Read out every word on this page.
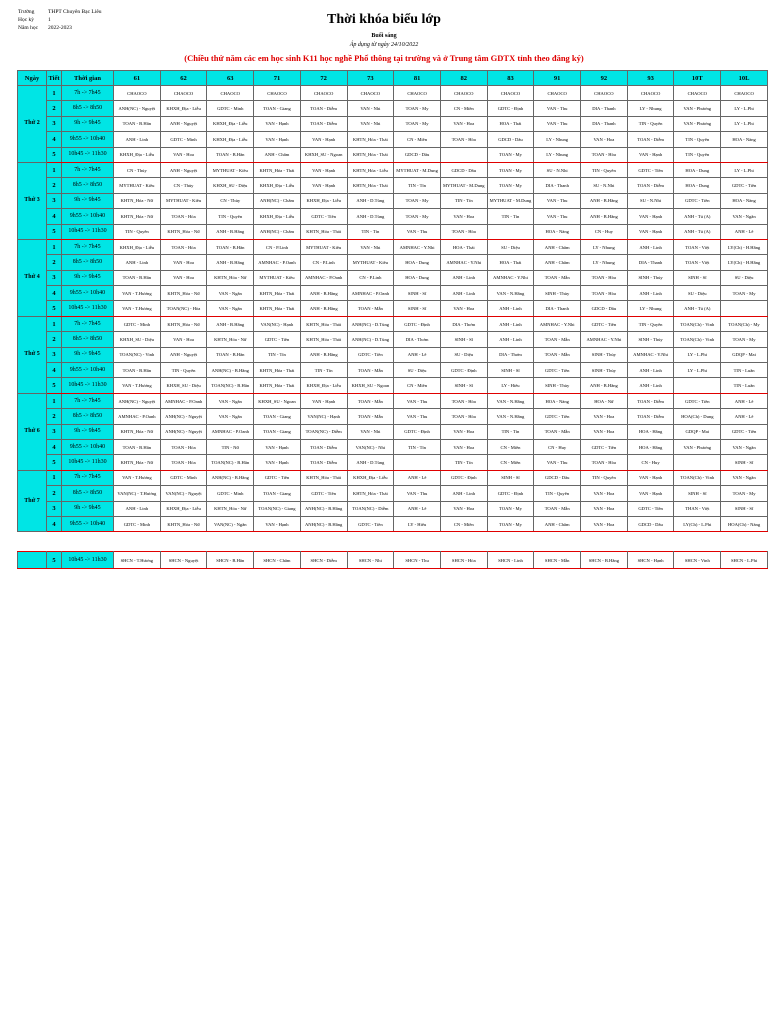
Trường	THPT Chuyên Bạc Liêu
Học kỳ	1
Năm học	2022-2023
Thời khóa biểu lớp
Buổi sáng
Áp dụng từ ngày 24/10/2022
(Chiều thứ năm các em học sinh K11 học nghề Phổ thông tại trường và ở Trung tâm GDTX tỉnh theo đăng ký)
Ngày	Tiết	Thời gian	61	62	63	71	72	73	81	82	83	91	92	93	10T	10L
Thứ 2	1	7h -> 7h45	CHAOCO	CHAOCO	CHAOCO	CHAOCO	CHAOCO	CHAOCO	CHAOCO	CHAOCO	CHAOCO	CHAOCO	CHAOCO	CHAOCO	CHAOCO	CHAOCO
	2	8h5 -> 8h50	ANH(NC) - Nguyệt	KHXH_Địa - Liễu	GDTC - Minh	TOAN - Giang	TOAN - Diễm	VAN - Nhi	TOAN - My	CN - Miền	GDTC - Định	VAN - Thu	DIA - Thanh	LY - Nhung	VAN - Phương	LY - L.Phi
	3	9h -> 9h45	TOAN - B.Hân	ANH - Nguyệt	KHXH_Địa - Liễu	VAN - Hạnh	TOAN - Diễm	VAN - Nhi	TOAN - My	VAN - Hoa	HOA - Thái	VAN - Thu	DIA - Thanh	TIN - Quyên	VAN - Phương	LY - L.Phi
	4	9h55 -> 10h40	ANH - Linh	GDTC - Minh	KHXH_Địa - Liễu	VAN - Hạnh	VAN - Hạnh	KHTN_Hóa - Thái	CN - Miền	TOAN - Hòa	GDCD - Dâu	LY - Nhung	VAN - Hoa	TOAN - Diễm	TIN - Quyên	HOA - Năng
	5	10h45 -> 11h30	KHXH_Địa - Liễu	VAN - Hoa	TOAN - B.Hân	ANH - Châm	KHXH_SU - Ngoan	KHTN_Hóa - Thái	GDCD - Dâu		TOAN - My	LY - Nhung	TOAN - Hòa	VAN - Hạnh	TIN - Quyên	
Thứ 3	1	7h -> 7h45	CN - Thủy	ANH - Nguyệt	MYTHUAT - Kiều	KHTN_Hóa - Thái	VAN - Hạnh	KHTN_Hóa - Liễu	MYTHUAT - M.Dung	GDCD - Dâu	TOAN - My	SU - N.Nhi	TIN - Quyên	GDTC - Tiền	HOA - Dung	LY - L.Phi
	2	8h5 -> 8h50	MYTHUAT - Kiều	CN - Thủy	KHXH_SU - Diệu	KHXH_Địa - Liễu	VAN - Hạnh	KHTN_Hóa - Thái	TIN - Tín	MYTHUAT - M.Dung	TOAN - My	DIA - Thanh	SU - N.Nhi	TOAN - Diễm	HOA - Dung	GDTC - Tiền
	3	9h -> 9h45	KHTN_Hóa - Nữ	MYTHUAT - Kiều	CN - Thủy	ANH(NC) - Châm	KHXH_Địa - Liễu	ANH - D.Tùng	TOAN - My	TIN - Tín	MYTHUAT - M.Dung	VAN - Thu	ANH - B.Hằng	SU - N.Nhi	GDTC - Tiền	HOA - Năng
	4	9h55 -> 10h40	KHTN_Hóa - Nữ	TOAN - Hòa	TIN - Quyên	KHXH_Địa - Liễu	GDTC - Tiền	ANH - D.Tùng	TOAN - My	VAN - Hoa	TIN - Tín	VAN - Thu	ANH - B.Hằng	VAN - Hạnh	ANH - Tú (A)	VAN - Ngân
	5	10h45 -> 11h30	TIN - Quyên	KHTN_Hóa - Nữ	ANH - B.Hằng	ANH(NC) - Châm	KHTN_Hóa - Thái	TIN - Tín	VAN - Thu	TOAN - Hòa		HOA - Năng	CN - Huy	VAN - Hạnh	ANH - Tú (A)	ANH - Lê
Thứ 4	1	7h -> 7h45	KHXH_Địa - Liễu	TOAN - Hòa	TOAN - B.Hân	CN - P.Linh	MYTHUAT - Kiều	VAN - Nhi	AMNHAC - Y.Nhi	HOA - Thái	SU - Diệu	ANH - Châm	LY - Nhung	ANH - Linh	TOAN - Việt	LY(Ch) - H.Hằng
	2	8h5 -> 8h50	ANH - Linh	VAN - Hoa	ANH - B.Hằng	AMNHAC - P.Oanh	CN - P.Linh	MYTHUAT - Kiều	HOA - Dung	AMNHAC - Y.Nhi	HOA - Thái	ANH - Châm	LY - Nhung	DIA - Thanh	TOAN - Việt	LY(Ch) - H.Hằng
	3	9h -> 9h45	TOAN - B.Hân	VAN - Hoa	KHTN_Hóa - Nữ	MYTHUAT - Kiều	AMNHAC - P.Oanh	CN - P.Linh	HOA - Dung	ANH - Linh	AMNHAC - Y.Nhi	TOAN - Mẫn	TOAN - Hòa	SINH - Thủy	SINH - Sĩ	SU - Diệu
	4	9h55 -> 10h40	VAN - T.Hương	KHTN_Hóa - Nữ	VAN - Ngân	KHTN_Hóa - Thái	ANH - B.Hằng	AMNHAC - P.Oanh	SINH - Sĩ	ANH - Linh	VAN - N.Hằng	SINH - Thủy	TOAN - Hòa	ANH - Linh	SU - Diệu	TOAN - My
	5	10h45 -> 11h30	VAN - T.Hương	TOAN(NC) - Hòa	VAN - Ngân	KHTN_Hóa - Thái	ANH - B.Hằng	TOAN - Mẫn	SINH - Sĩ	VAN - Hoa	ANH - Linh	DIA - Thanh	GDCD - Dâu	LY - Nhung	ANH - Tú (A)	
Thứ 5	1	7h -> 7h45	GDTC - Minh	KHTN_Hóa - Nữ	ANH - B.Hằng	VAN(NC) - Hạnh	KHTN_Hóa - Thái	ANH(NC) - D.Tùng	GDTC - Định	DIA - Thơm	ANH - Linh	AMNHAC - Y.Nhi	GDTC - Tiền	TIN - Quyên	TOAN(Ch) - Vinh	TOAN(Ch) - My
	2	8h5 -> 8h50	KHXH_SU - Diệu	VAN - Hoa	KHTN_Hóa - Nữ	GDTC - Tiền	KHTN_Hóa - Thái	ANH(NC) - D.Tùng	DIA - Thơm	SINH - Sĩ	ANH - Linh	TOAN - Mẫn	AMNHAC - Y.Nhi	SINH - Thủy	TOAN(Ch) - Vinh	TOAN - My
	3	9h -> 9h45	TOAN(NC) - Vinh	ANH - Nguyệt	TOAN - B.Hân	TIN - Tín	ANH - B.Hằng	GDTC - Tiền	ANH - Lê	SU - Diệu	DIA - Thơm	TOAN - Mẫn	SINH - Thủy	AMNHAC - Y.Nhi	LY - L.Phi	GDQP - Mai
	4	9h55 -> 10h40	TOAN - B.Hân	TIN - Quyên	ANH(NC) - B.Hằng	KHTN_Hóa - Thái	TIN - Tín	TOAN - Mẫn	SU - Diệu	GDTC - Định	SINH - Sĩ	GDTC - Tiền	SINH - Thủy	ANH - Linh	LY - L.Phi	TIN - Luân
	5	10h45 -> 11h30	VAN - T.Hương	KHXH_SU - Diệu	TOAN(NC) - B.Hân	KHTN_Hóa - Thái	KHXH_Địa - Liễu	KHXH_SU - Ngoan	CN - Miền	SINH - Sĩ	LY - Hiếu	SINH - Thủy	ANH - B.Hằng	ANH - Linh		TIN - Luân
Thứ 6	1	7h -> 7h45	ANH(NC) - Nguyệt	AMNHAC - P.Oanh	VAN - Ngân	KHXH_SU - Ngoan	VAN - Hạnh	TOAN - Mẫn	VAN - Thu	TOAN - Hòa	VAN - N.Hằng	HOA - Năng	HOA - Nữ	TOAN - Diễm	GDTC - Tiền	ANH - Lê
	2	8h5 -> 8h50	AMNHAC - P.Oanh	ANH(NC) - Nguyệt	VAN - Ngân	TOAN - Giang	VAN(NC) - Hạnh	TOAN - Mẫn	VAN - Thu	TOAN - Hòa	VAN - N.Hằng	GDTC - Tiền	VAN - Hoa	TOAN - Diễm	HOA(Ch) - Dung	ANH - Lê
	3	9h -> 9h45	KHTN_Hóa - Nữ	ANH(NC) - Nguyệt	AMNHAC - P.Oanh	TOAN - Giang	TOAN(NC) - Diễm	VAN - Nhi	GDTC - Định	VAN - Hoa	TIN - Tín	TOAN - Mẫn	VAN - Hoa	HOA - Hằng	GDQP - Mai	GDTC - Tiền
	4	9h55 -> 10h40	TOAN - B.Hân	TOAN - Hòa	TIN - Nữ	VAN - Hạnh	TOAN - Diễm	VAN(NC) - Nhi	TIN - Tín	VAN - Hoa	CN - Miền	CN - Huy	GDTC - Tiền	HOA - Hằng	VAN - Phương	VAN - Ngân
	5	10h45 -> 11h30	KHTN_Hóa - Nữ	TOAN - Hòa	TOAN(NC) - B.Hân	VAN - Hạnh	TOAN - Diễm	ANH - D.Tùng		TIN - Tín	CN - Miền	VAN - Thu	TOAN - Hòa	CN - Huy		SINH - Sĩ
Thứ 7	1	7h -> 7h45	VAN - T.Hương	GDTC - Minh	ANH(NC) - B.Hằng	GDTC - Tiền	KHTN_Hóa - Thái	KHXH_Địa - Liễu	ANH - Lê	GDTC - Định	SINH - Sĩ	GDCD - Dâu	TIN - Quyên	VAN - Hạnh	TOAN(Ch) - Vinh	VAN - Ngân
	2	8h5 -> 8h50	VAN(NC) - T.Hương	VAN(NC) - Nguyệt	GDTC - Minh	TOAN - Giang	GDTC - Tiền	KHTN_Hóa - Thái	VAN - Thu	ANH - Linh	GDTC - Định	TIN - Quyên	VAN - Hoa	VAN - Hạnh	SINH - Sĩ	TOAN - My
	3	9h -> 9h45	ANH - Linh	KHXH_Địa - Liễu	KHTN_Hóa - Nữ	TOAN(NC) - Giang	ANH(NC) - B.Hằng	TOAN(NC) - Diễm	ANH - Lê	VAN - Hoa	TOAN - My	TOAN - Mẫn	VAN - Hoa	GDTC - Tiền	THAN - Việt	SINH - Sĩ
	4	9h55 -> 10h40	GDTC - Minh	KHTN_Hóa - Nữ	VAN(NC) - Ngân	VAN - Hạnh	ANH(NC) - B.Hằng	GDTC - Tiền	LY - Hiếu	CN - Miền	TOAN - My	ANH - Châm	VAN - Hoa	GDCD - Dâu	LY(Ch) - L.Phi	HOA(Ch) - Năng
	5	10h45 -> 11h30	SHCN - T.Hương	SHCN - Nguyệt	SHCN - B.Hân	SHCN - Châm	SHCN - Diễm	SHCN - Nhi	SHCN - Thu	SHCN - Hòa	SHCN - Linh	SHCN - Mẫn	SHCN - B.Hằng	SHCN - Hạnh	SHCN - Vinh	SHCN - L.Phi
